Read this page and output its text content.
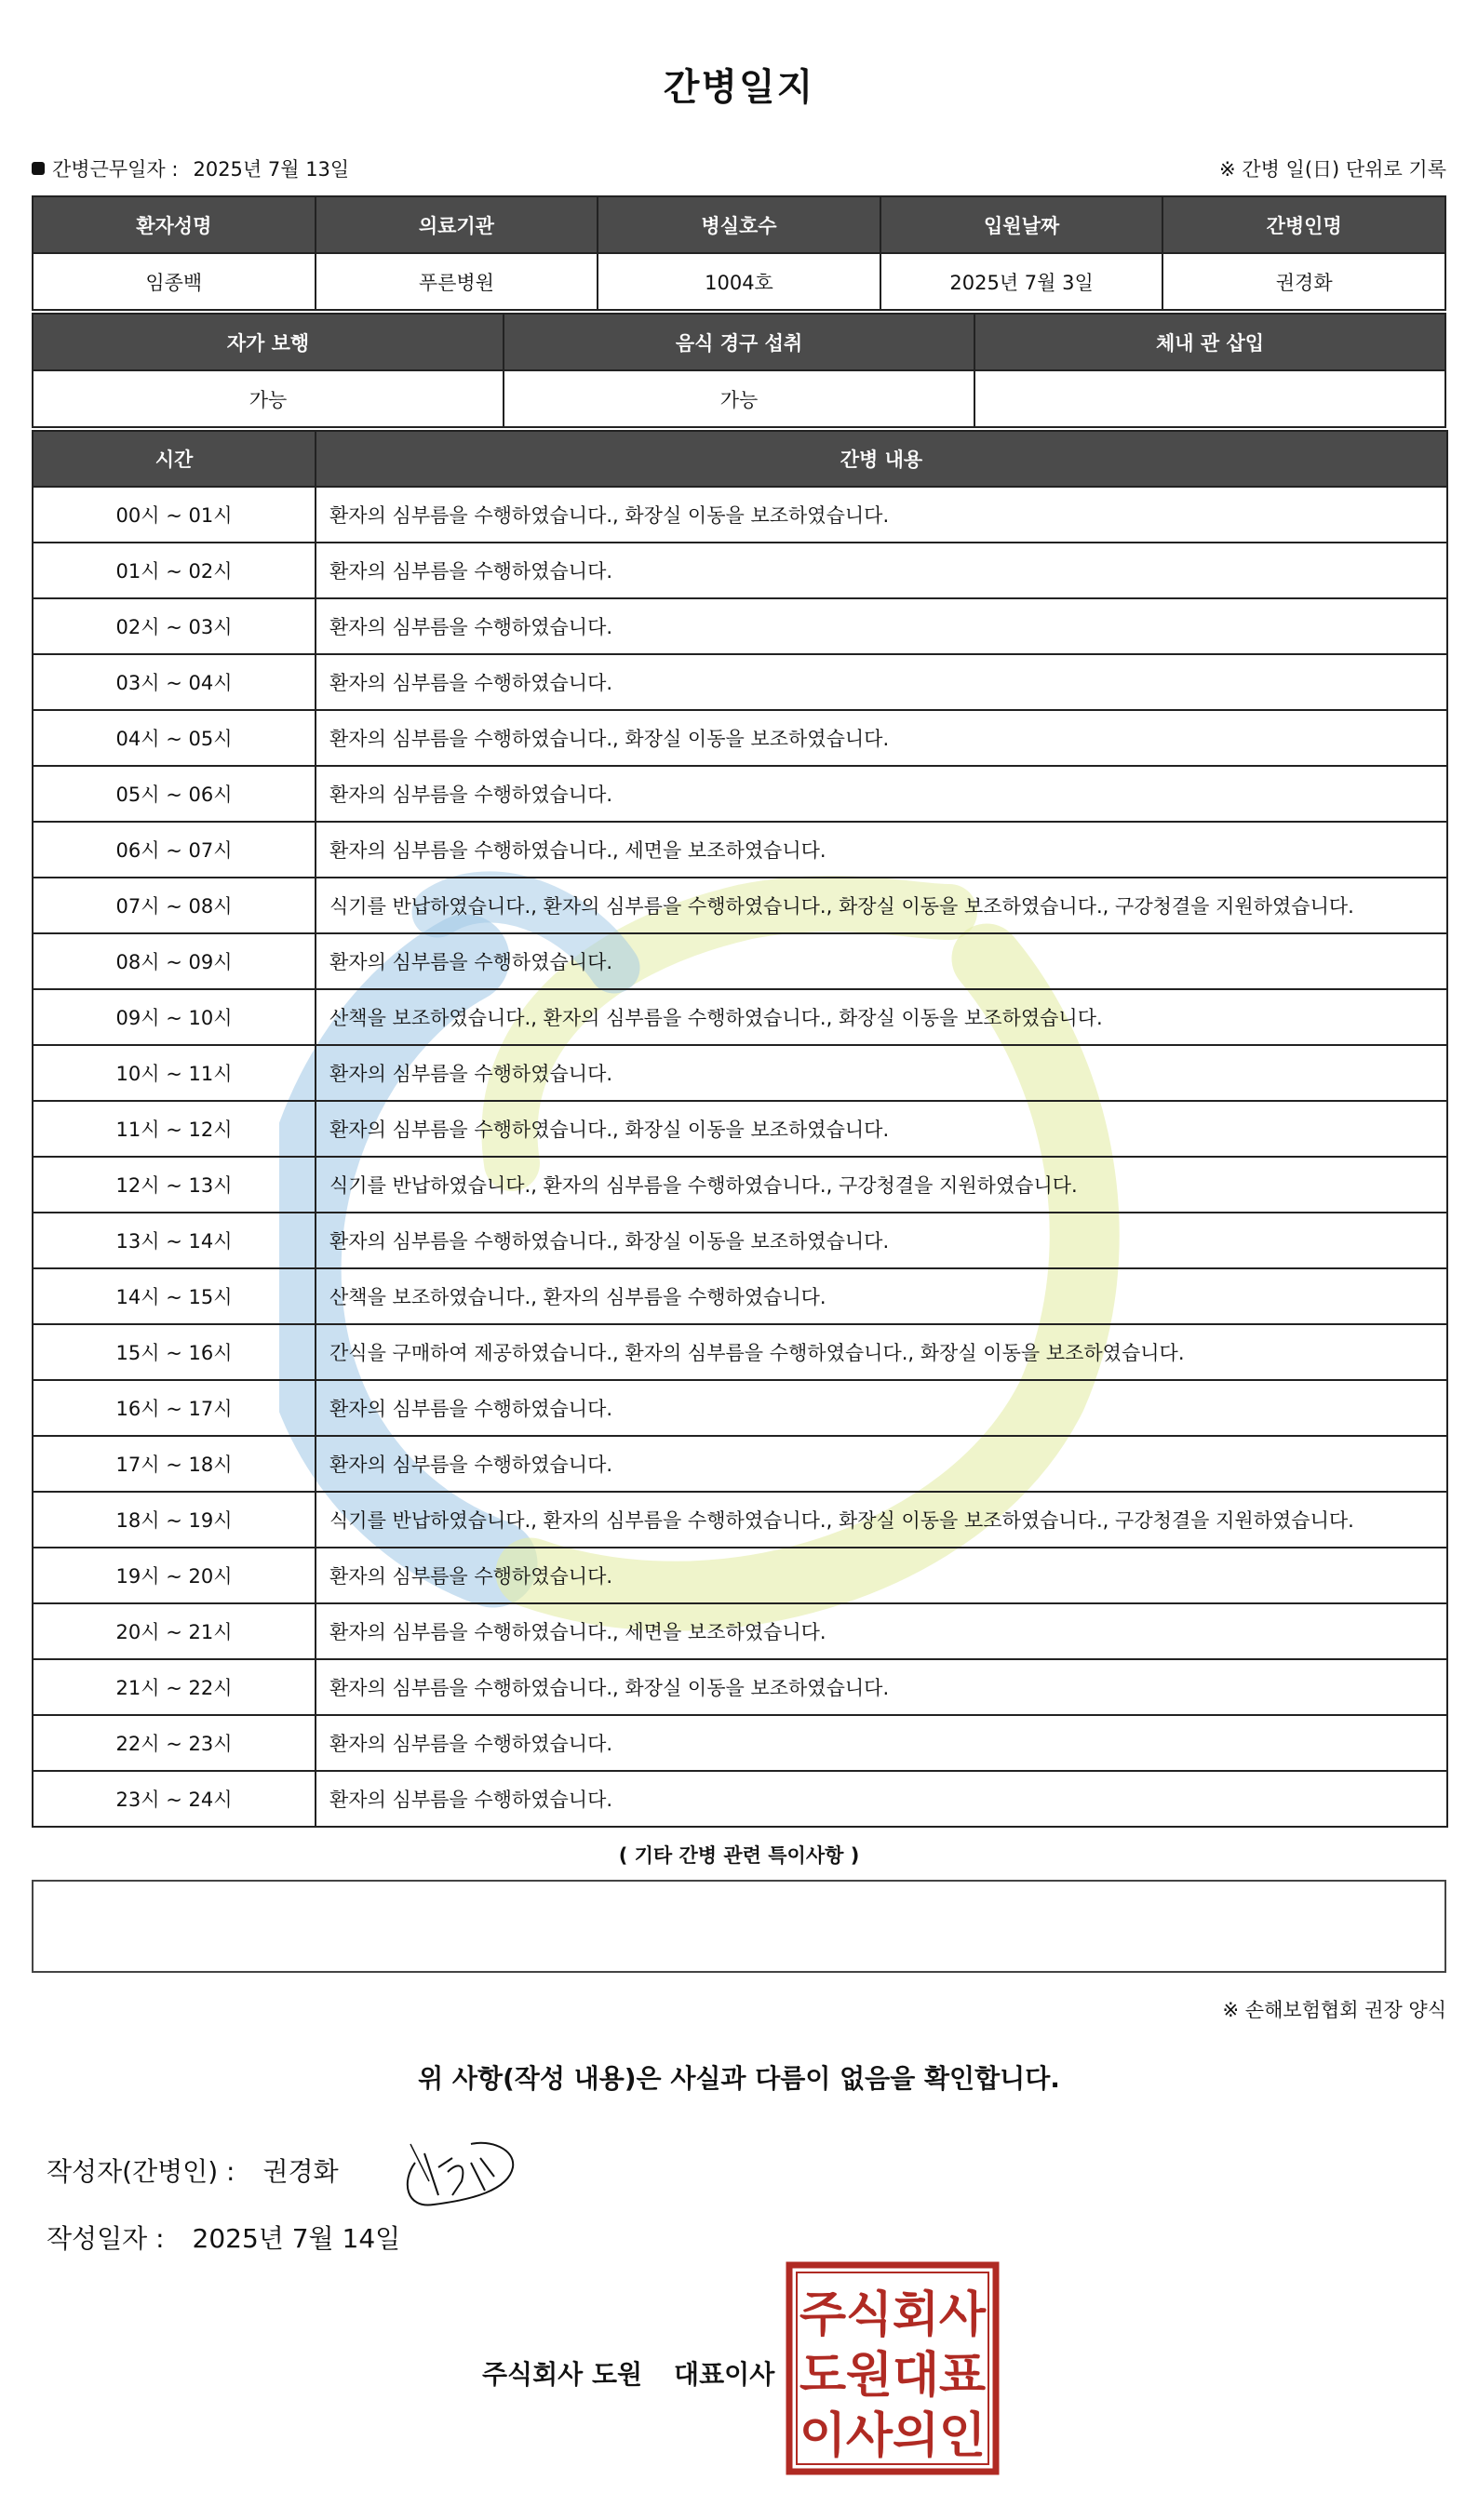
간병일지
간병근무일자 : 2025년 7월 13일	※ 간병 일(日) 단위로 기록
환자성명	의료기관	병실호수	입원날짜	간병인명
임종백	푸른병원	1004호	2025년 7월 3일	권경화
자가 보행	음식 경구 섭취	체내 관 삽입
가능	가능	
시간	간병 내용
00시 ~ 01시	환자의 심부름을 수행하였습니다., 화장실 이동을 보조하였습니다.
01시 ~ 02시	환자의 심부름을 수행하였습니다.
02시 ~ 03시	환자의 심부름을 수행하였습니다.
03시 ~ 04시	환자의 심부름을 수행하였습니다.
04시 ~ 05시	환자의 심부름을 수행하였습니다., 화장실 이동을 보조하였습니다.
05시 ~ 06시	환자의 심부름을 수행하였습니다.
06시 ~ 07시	환자의 심부름을 수행하였습니다., 세면을 보조하였습니다.
07시 ~ 08시	식기를 반납하였습니다., 환자의 심부름을 수행하였습니다., 화장실 이동을 보조하였습니다., 구강청결을 지원하였습니다.
08시 ~ 09시	환자의 심부름을 수행하였습니다.
09시 ~ 10시	산책을 보조하였습니다., 환자의 심부름을 수행하였습니다., 화장실 이동을 보조하였습니다.
10시 ~ 11시	환자의 심부름을 수행하였습니다.
11시 ~ 12시	환자의 심부름을 수행하였습니다., 화장실 이동을 보조하였습니다.
12시 ~ 13시	식기를 반납하였습니다., 환자의 심부름을 수행하였습니다., 구강청결을 지원하였습니다.
13시 ~ 14시	환자의 심부름을 수행하였습니다., 화장실 이동을 보조하였습니다.
14시 ~ 15시	산책을 보조하였습니다., 환자의 심부름을 수행하였습니다.
15시 ~ 16시	간식을 구매하여 제공하였습니다., 환자의 심부름을 수행하였습니다., 화장실 이동을 보조하였습니다.
16시 ~ 17시	환자의 심부름을 수행하였습니다.
17시 ~ 18시	환자의 심부름을 수행하였습니다.
18시 ~ 19시	식기를 반납하였습니다., 환자의 심부름을 수행하였습니다., 화장실 이동을 보조하였습니다., 구강청결을 지원하였습니다.
19시 ~ 20시	환자의 심부름을 수행하였습니다.
20시 ~ 21시	환자의 심부름을 수행하였습니다., 세면을 보조하였습니다.
21시 ~ 22시	환자의 심부름을 수행하였습니다., 화장실 이동을 보조하였습니다.
22시 ~ 23시	환자의 심부름을 수행하였습니다.
23시 ~ 24시	환자의 심부름을 수행하였습니다.
( 기타 간병 관련 특이사항 )
※ 손해보험협회 권장 양식
위 사항(작성 내용)은 사실과 다름이 없음을 확인합니다.
작성자(간병인) : 권경화
작성일자 : 2025년 7월 14일
주식회사 도원 대표이사
주 식 회 사
도 원 대 표
이 사 의 인
